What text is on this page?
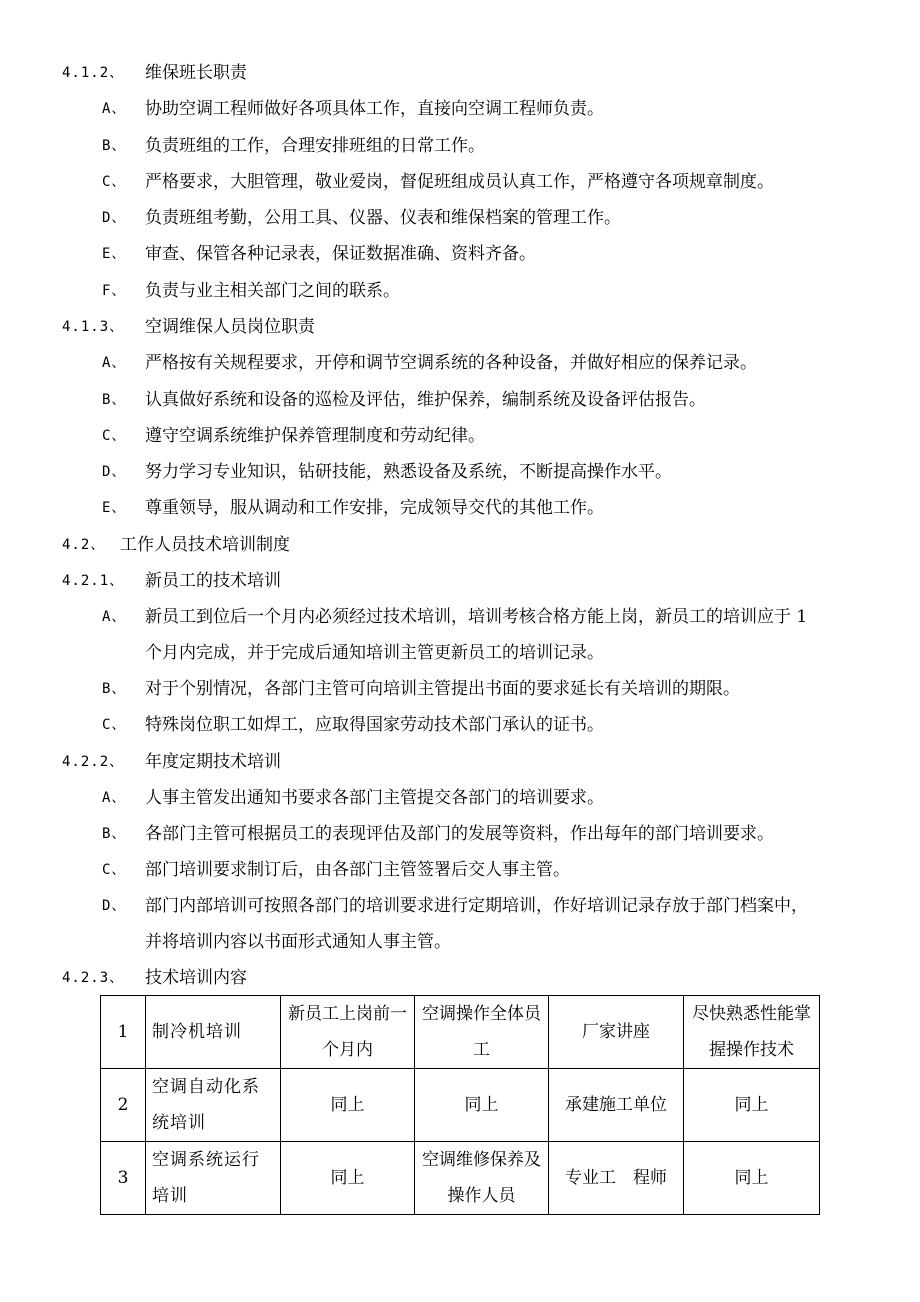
4.1.2、 维保班长职责
A、 协助空调工程师做好各项具体工作，直接向空调工程师负责。
B、 负责班组的工作，合理安排班组的日常工作。
C、 严格要求，大胆管理，敬业爱岗，督促班组成员认真工作，严格遵守各项规章制度。
D、 负责班组考勤，公用工具、仪器、仪表和维保档案的管理工作。
E、 审查、保管各种记录表，保证数据准确、资料齐备。
F、 负责与业主相关部门之间的联系。
4.1.3、 空调维保人员岗位职责
A、 严格按有关规程要求，开停和调节空调系统的各种设备，并做好相应的保养记录。
B、 认真做好系统和设备的巡检及评估，维护保养，编制系统及设备评估报告。
C、 遵守空调系统维护保养管理制度和劳动纪律。
D、 努力学习专业知识，钻研技能，熟悉设备及系统，不断提高操作水平。
E、 尊重领导，服从调动和工作安排，完成领导交代的其他工作。
4.2、 工作人员技术培训制度
4.2.1、 新员工的技术培训
A、 新员工到位后一个月内必须经过技术培训，培训考核合格方能上岗，新员工的培训应于 1
个月内完成，并于完成后通知培训主管更新员工的培训记录。
B、 对于个别情况，各部门主管可向培训主管提出书面的要求延长有关培训的期限。
C、 特殊岗位职工如焊工，应取得国家劳动技术部门承认的证书。
4.2.2、 年度定期技术培训
A、 人事主管发出通知书要求各部门主管提交各部门的培训要求。
B、 各部门主管可根据员工的表现评估及部门的发展等资料，作出每年的部门培训要求。
C、 部门培训要求制订后，由各部门主管签署后交人事主管。
D、 部门内部培训可按照各部门的培训要求进行定期培训，作好培训记录存放于部门档案中，
并将培训内容以书面形式通知人事主管。
4.2.3、 技术培训内容
1	制冷机培训	新员工上岗前一个月内	空调操作全体员工	厂家讲座	尽快熟悉性能掌握操作技术
2	空调自动化系统培训	同上	同上	承建施工单位	同上
3	空调系统运行培训	同上	空调维修保养及操作人员	专业工　程师	同上
